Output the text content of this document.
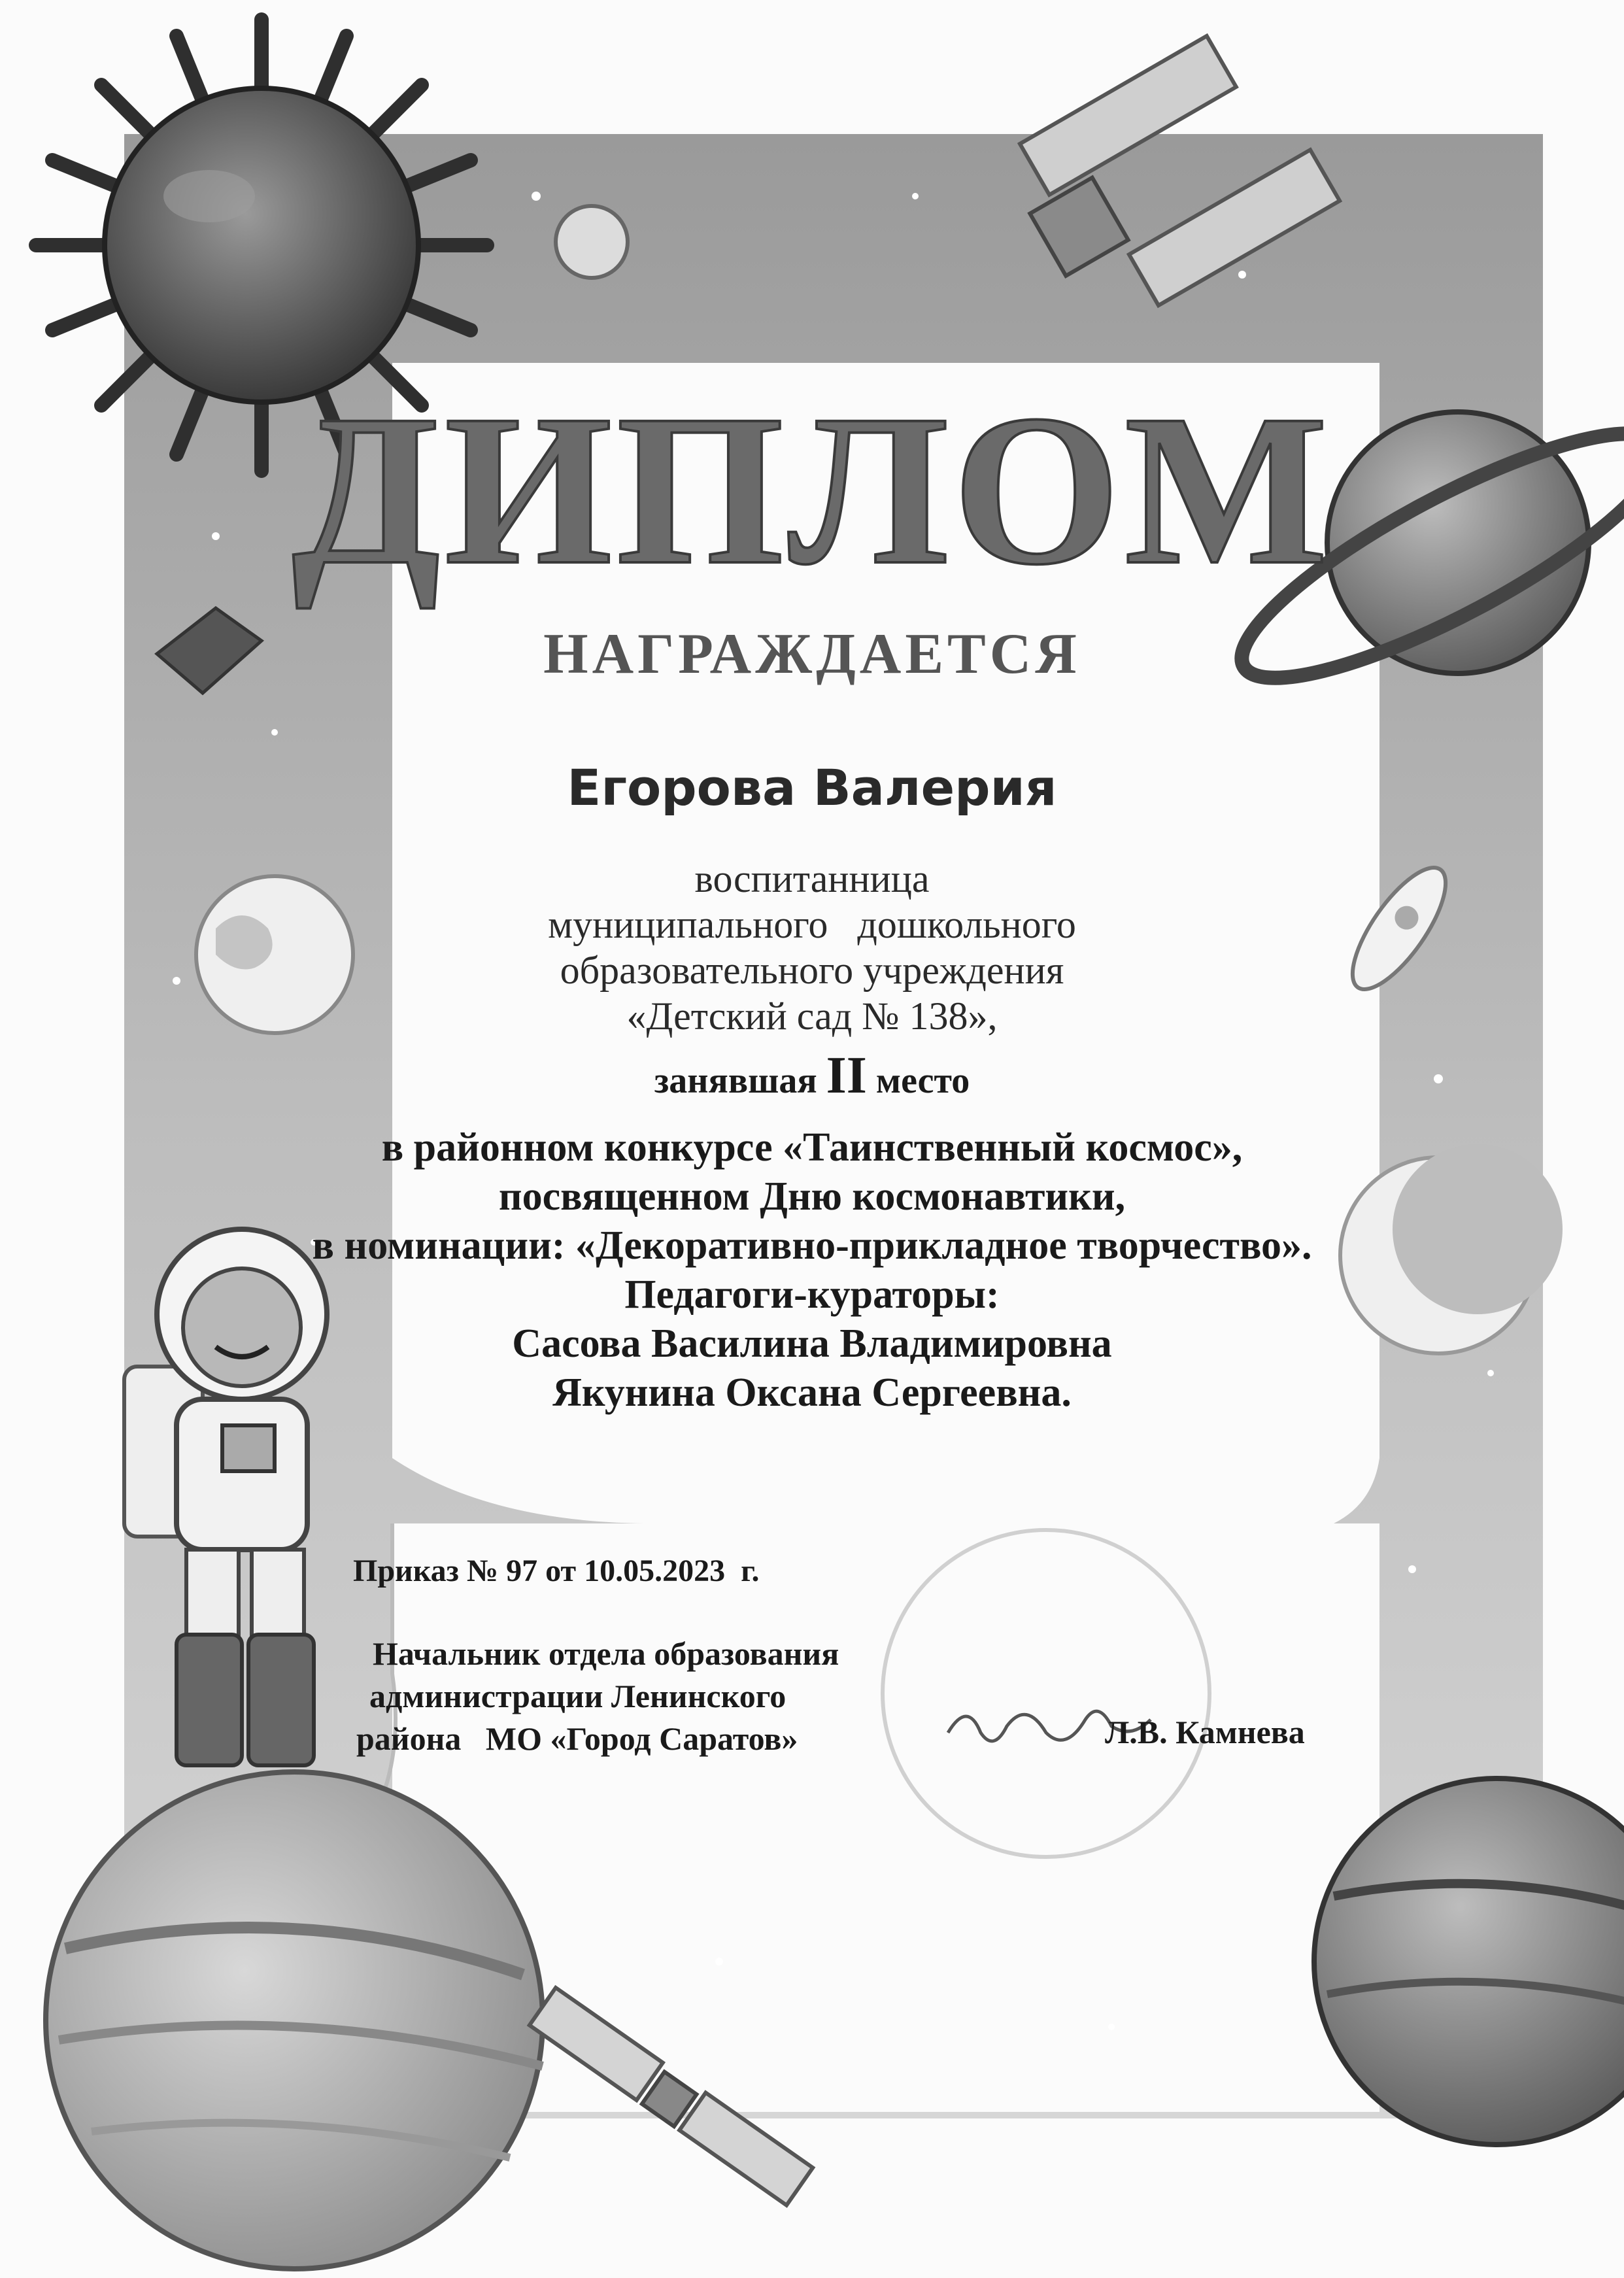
ДИПЛОМ

НАГРАЖДАЕТСЯ

Егорова Валерия

воспитанница

муниципального   дошкольного

образовательного учреждения

«Детский сад № 138»,

занявшая II место

в районном конкурсе «Таинственный космос»,

посвященном Дню космонавтики,

в номинации: «Декоративно-прикладное творчество».

Педагоги-кураторы:

Сасова Василина Владимировна

Якунина Оксана Сергеевна.

Приказ № 97 от 10.05.2023  г.

Начальник отдела образования

администрации Ленинского

района   МО «Город Саратов»	Л.В. Камнева
